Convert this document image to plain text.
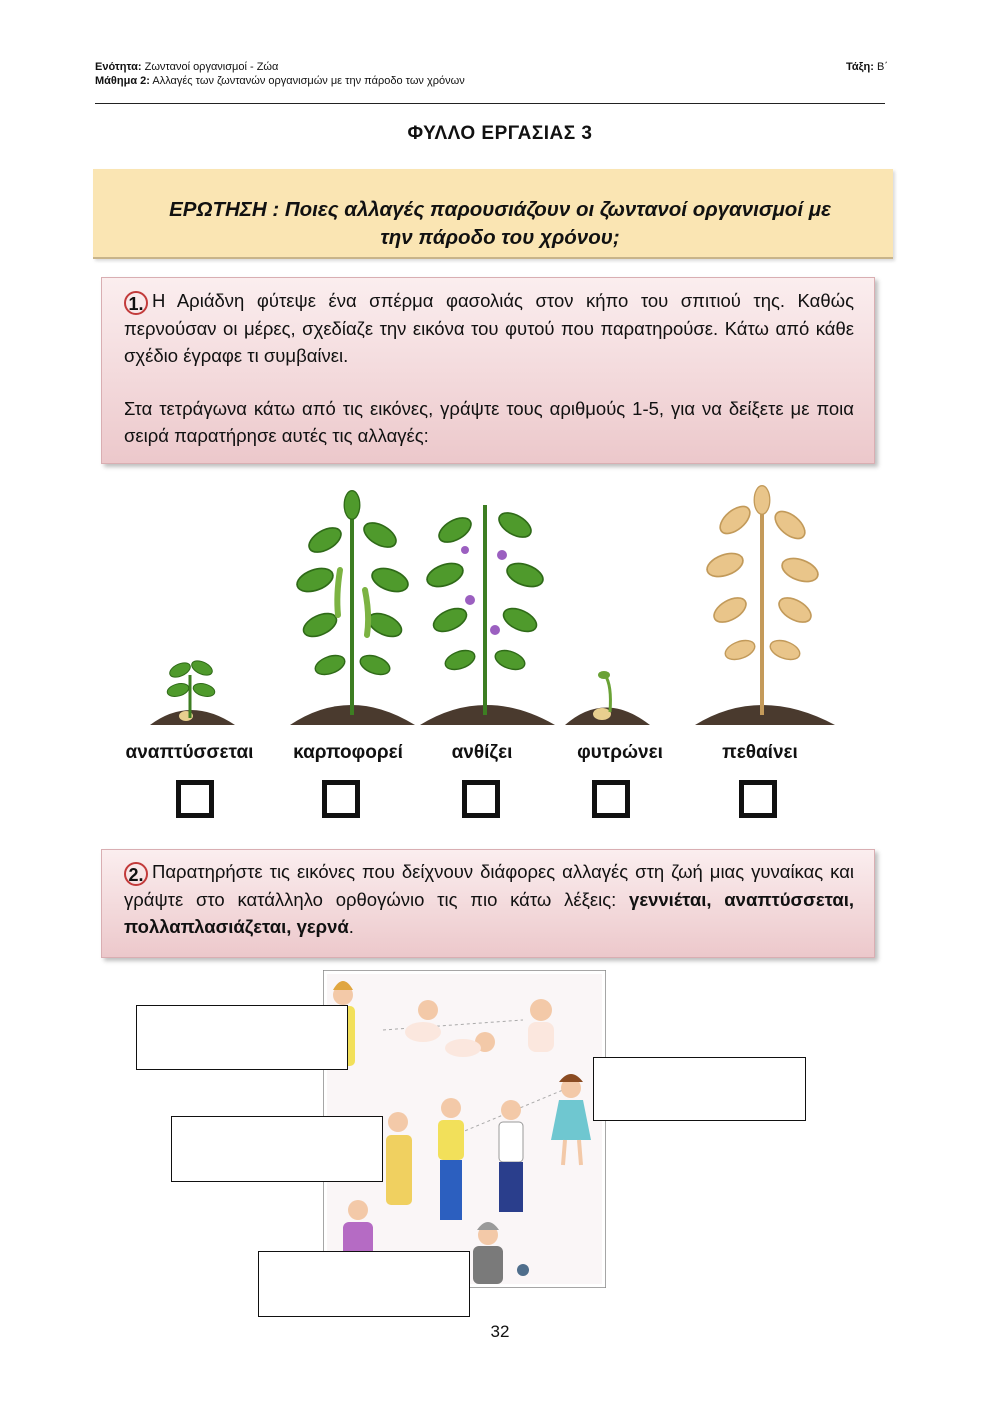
Ενότητα: Ζωντανοί οργανισμοί - Ζώα
Μάθημα 2: Αλλαγές των ζωντανών οργανισμών με την πάροδο των χρόνων
Τάξη: Β΄
ΦΥΛΛΟ ΕΡΓΑΣΙΑΣ 3
ΕΡΩΤΗΣΗ : Ποιες αλλαγές παρουσιάζουν οι ζωντανοί οργανισμοί με
την πάροδο του χρόνου;
1. Η Αριάδνη φύτεψε ένα σπέρμα φασολιάς στον κήπο του σπιτιού της. Καθώς περνούσαν οι μέρες, σχεδίαζε την εικόνα του φυτού που παρατηρούσε. Κάτω από κάθε σχέδιο έγραφε τι συμβαίνει.
Στα τετράγωνα κάτω από τις εικόνες, γράψτε τους αριθμούς 1-5, για να δείξετε με ποια σειρά παρατήρησε αυτές τις αλλαγές:
αναπτύσσεται	καρποφορεί	ανθίζει	φυτρώνει	πεθαίνει
2. Παρατηρήστε τις εικόνες που δείχνουν διάφορες αλλαγές στη ζωή μιας γυναίκας και γράψτε στο κατάλληλο ορθογώνιο τις πιο κάτω λέξεις: γεννιέται, αναπτύσσεται, πολλαπλασιάζεται, γερνά.
32
